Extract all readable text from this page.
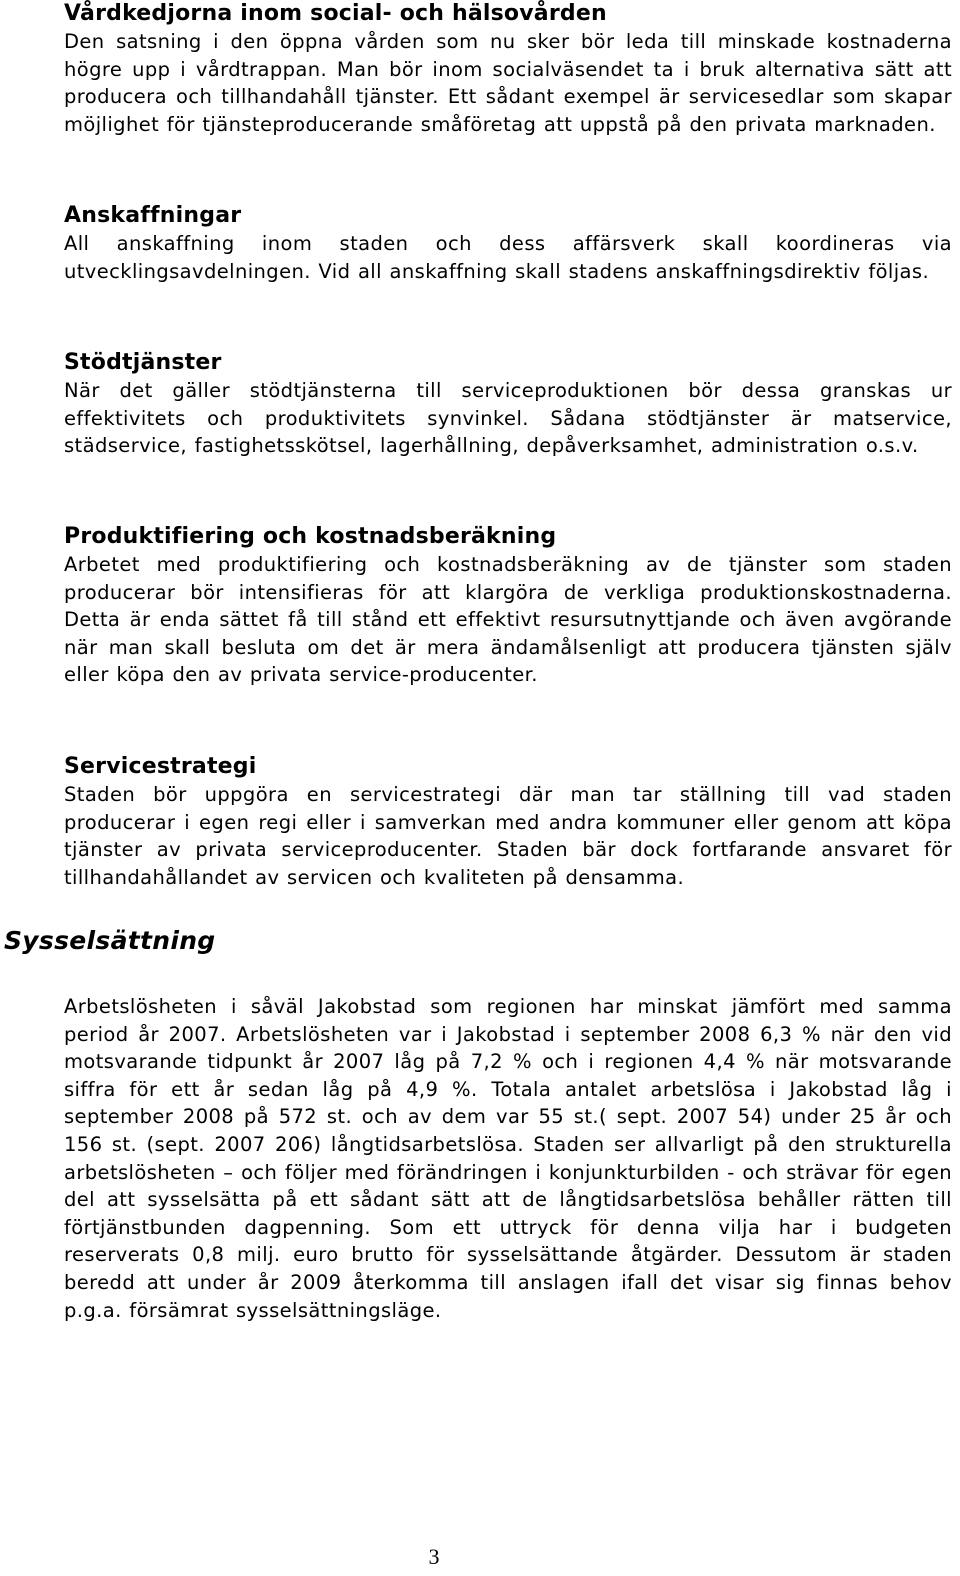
Vårdkedjorna inom social- och hälsovården

Den satsning i den öppna vården som nu sker bör leda till minskade kostnaderna högre upp i vårdtrappan. Man bör inom socialväsendet ta i bruk alternativa sätt att producera och tillhandahåll tjänster. Ett sådant exempel är servicesedlar som skapar möjlighet för tjänsteproducerande småföretag att uppstå på den privata marknaden.

Anskaffningar

All anskaffning inom staden och dess affärsverk skall koordineras via utvecklingsavdelningen. Vid all anskaffning skall stadens anskaffningsdirektiv följas.

Stödtjänster

När det gäller stödtjänsterna till serviceproduktionen bör dessa granskas ur effektivitets och produktivitets synvinkel. Sådana stödtjänster är matservice, städservice, fastighetsskötsel, lagerhållning, depåverksamhet, administration o.s.v.

Produktifiering och kostnadsberäkning

Arbetet med produktifiering och kostnadsberäkning av de tjänster som staden producerar bör intensifieras för att klargöra de verkliga produktionskostnaderna. Detta är enda sättet få till stånd ett effektivt resursutnyttjande och även avgörande när man skall besluta om det är mera ändamålsenligt att producera tjänsten själv eller köpa den av privata service-producenter.

Servicestrategi

Staden bör uppgöra en servicestrategi där man tar ställning till vad staden producerar i egen regi eller i samverkan med andra kommuner eller genom att köpa tjänster av privata serviceproducenter. Staden bär dock fortfarande ansvaret för tillhandahållandet av servicen och kvaliteten på densamma.

Sysselsättning

Arbetslösheten i såväl Jakobstad som regionen har minskat jämfört med samma period år 2007. Arbetslösheten var i Jakobstad i september 2008 6,3 % när den vid motsvarande tidpunkt år 2007 låg på 7,2 % och i regionen 4,4 % när motsvarande siffra för ett år sedan låg på 4,9 %. Totala antalet arbetslösa i Jakobstad låg i september 2008 på 572 st. och av dem var 55 st.( sept. 2007 54) under 25 år och 156 st. (sept. 2007 206) långtidsarbetslösa. Staden ser allvarligt på den strukturella arbetslösheten – och följer med förändringen i konjunkturbilden - och strävar för egen del att sysselsätta på ett sådant sätt att de långtidsarbetslösa behåller rätten till förtjänstbunden dagpenning. Som ett uttryck för denna vilja har i budgeten reserverats 0,8 milj. euro brutto för sysselsättande åtgärder. Dessutom är staden beredd att under år 2009 återkomma till anslagen ifall det visar sig finnas behov p.g.a. försämrat sysselsättningsläge.

3
